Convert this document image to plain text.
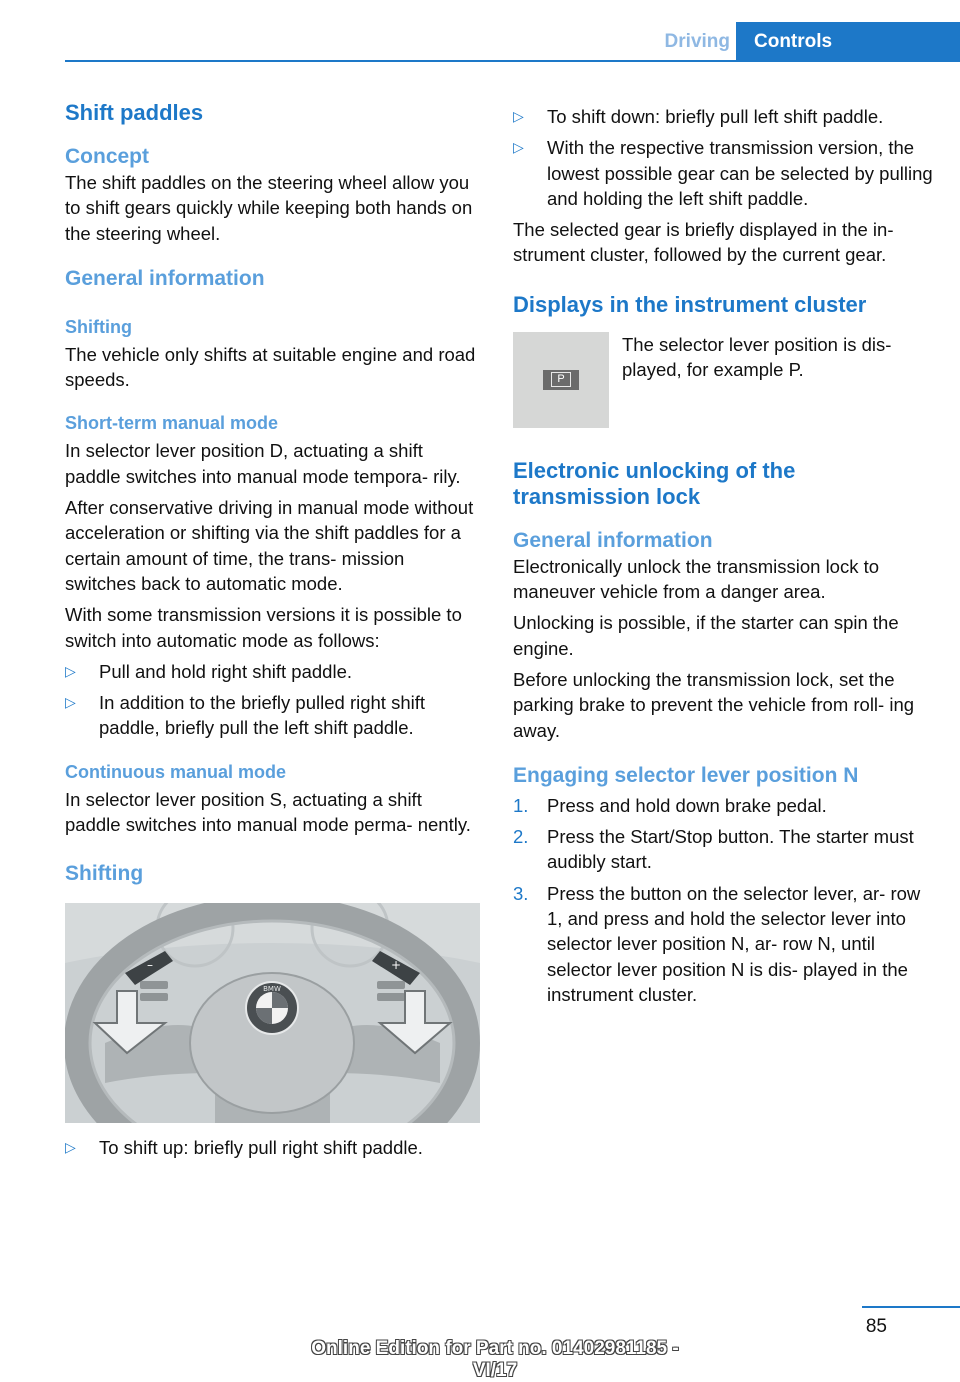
Driving	Controls
Shift paddles
Concept

The shift paddles on the steering wheel allow you to shift gears quickly while keeping both hands on the steering wheel.

General information
Shifting

The vehicle only shifts at suitable engine and road speeds.

Short-term manual mode

In selector lever position D, actuating a shift paddle switches into manual mode tempora‐ rily.

After conservative driving in manual mode without acceleration or shifting via the shift paddles for a certain amount of time, the trans‐ mission switches back to automatic mode.

With some transmission versions it is possible to switch into automatic mode as follows:

▷ Pull and hold right shift paddle.
▷ In addition to the briefly pulled right shift paddle, briefly pull the left shift paddle.
Continuous manual mode

In selector lever position S, actuating a shift paddle switches into manual mode perma‐ nently.

Shifting
BMW
–	+
▷ To shift up: briefly pull right shift paddle.
▷ To shift down: briefly pull left shift paddle.
▷ With the respective transmission version, the lowest possible gear can be selected by pulling and holding the left shift paddle.

The selected gear is briefly displayed in the in‐ strument cluster, followed by the current gear.

Displays in the instrument cluster
P

The selector lever position is dis‐ played, for example P.

Electronic unlocking of the transmission lock
General information

Electronically unlock the transmission lock to maneuver vehicle from a danger area.

Unlocking is possible, if the starter can spin the engine.

Before unlocking the transmission lock, set the parking brake to prevent the vehicle from roll‐ ing away.

Engaging selector lever position N
1. Press and hold down brake pedal.
2. Press the Start/Stop button. The starter must audibly start.
3. Press the button on the selector lever, ar‐ row 1, and press and hold the selector lever into selector lever position N, ar‐ row N, until selector lever position N is dis‐ played in the instrument cluster.
85
Online Edition for Part no. 01402981185 - VI/17
